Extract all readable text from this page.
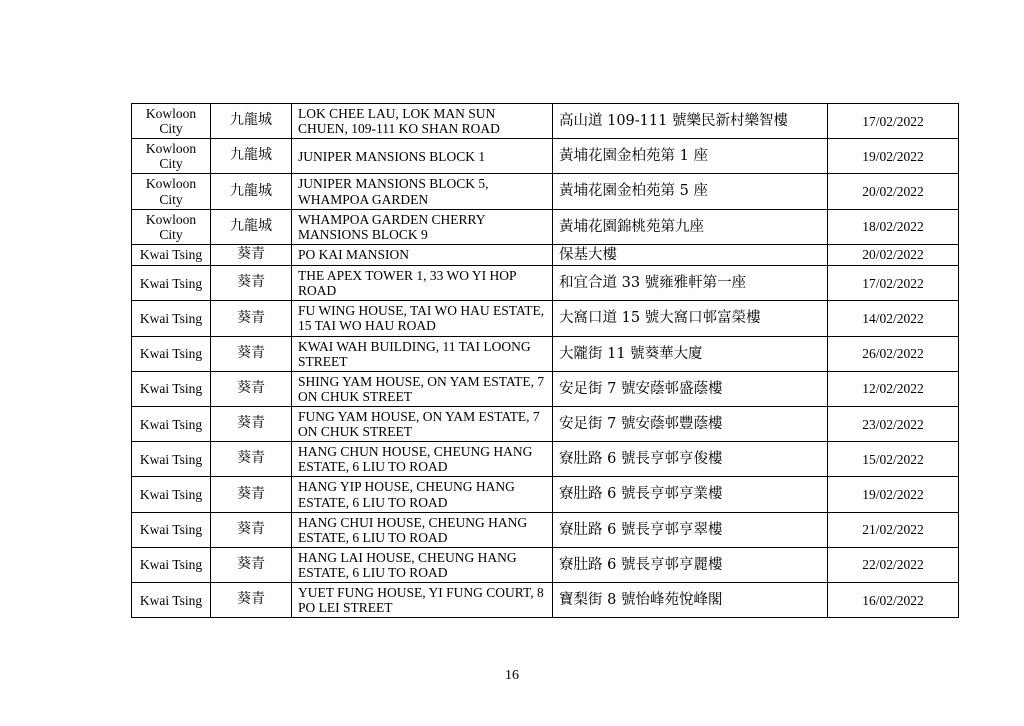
Kowloon City	九龍城	LOK CHEE LAU, LOK MAN SUN CHUEN, 109-111 KO SHAN ROAD	高山道 109-111 號樂民新村樂智樓	17/02/2022
Kowloon City	九龍城	JUNIPER MANSIONS BLOCK 1	黃埔花園金柏苑第 1 座	19/02/2022
Kowloon City	九龍城	JUNIPER MANSIONS BLOCK 5, WHAMPOA GARDEN	黃埔花園金柏苑第 5 座	20/02/2022
Kowloon City	九龍城	WHAMPOA GARDEN CHERRY MANSIONS BLOCK 9	黃埔花園錦桃苑第九座	18/02/2022
Kwai Tsing	葵青	PO KAI MANSION	保基大樓	20/02/2022
Kwai Tsing	葵青	THE APEX TOWER 1, 33 WO YI HOP ROAD	和宜合道 33 號雍雅軒第一座	17/02/2022
Kwai Tsing	葵青	FU WING HOUSE, TAI WO HAU ESTATE, 15 TAI WO HAU ROAD	大窩口道 15 號大窩口邨富榮樓	14/02/2022
Kwai Tsing	葵青	KWAI WAH BUILDING, 11 TAI LOONG STREET	大隴街 11 號葵華大廈	26/02/2022
Kwai Tsing	葵青	SHING YAM HOUSE, ON YAM ESTATE, 7 ON CHUK STREET	安足街 7 號安蔭邨盛蔭樓	12/02/2022
Kwai Tsing	葵青	FUNG YAM HOUSE, ON YAM ESTATE, 7 ON CHUK STREET	安足街 7 號安蔭邨豐蔭樓	23/02/2022
Kwai Tsing	葵青	HANG CHUN HOUSE, CHEUNG HANG ESTATE, 6 LIU TO ROAD	寮肚路 6 號長亨邨亨俊樓	15/02/2022
Kwai Tsing	葵青	HANG YIP HOUSE, CHEUNG HANG ESTATE, 6 LIU TO ROAD	寮肚路 6 號長亨邨亨業樓	19/02/2022
Kwai Tsing	葵青	HANG CHUI HOUSE, CHEUNG HANG ESTATE, 6 LIU TO ROAD	寮肚路 6 號長亨邨亨翠樓	21/02/2022
Kwai Tsing	葵青	HANG LAI HOUSE, CHEUNG HANG ESTATE, 6 LIU TO ROAD	寮肚路 6 號長亨邨亨麗樓	22/02/2022
Kwai Tsing	葵青	YUET FUNG HOUSE, YI FUNG COURT, 8 PO LEI STREET	寶梨街 8 號怡峰苑悅峰閣	16/02/2022
16
